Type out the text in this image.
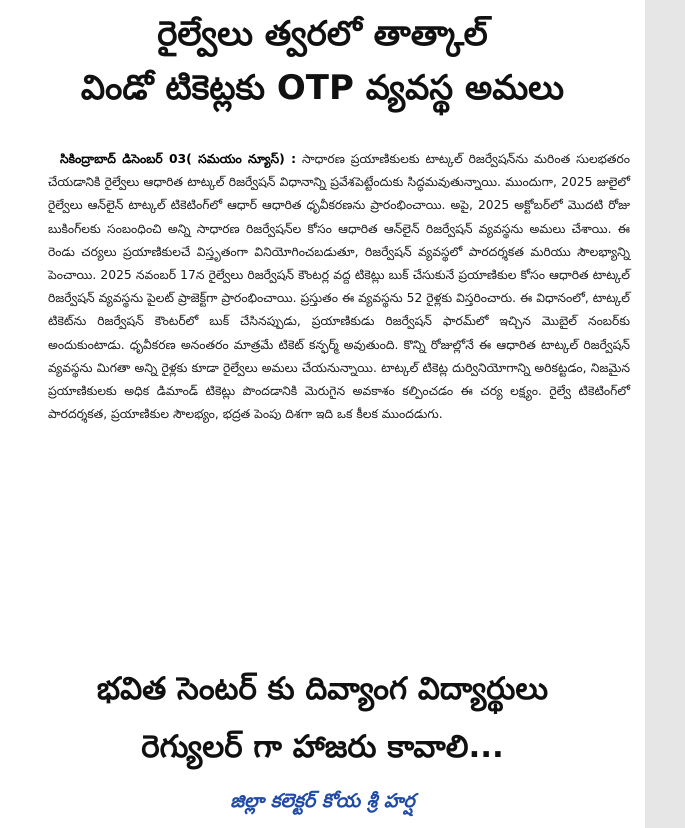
రైల్వేలు త్వరలో తాత్కాల్
విండో టికెట్లకు OTP వ్యవస్థ అమలు

సికింద్రాబాద్ డిసెంబర్ 03( సమయం న్యూస్) : సాధారణ ప్రయాణికులకు టాట్కల్ రిజర్వేషన్‌ను మరింత సులభతరం చేయడానికి రైల్వేలు ఆధారిత టాట్కల్ రిజర్వేషన్ విధానాన్ని ప్రవేశపెట్టేందుకు సిద్ధమవుతున్నాయి. ముందుగా, 2025 జులైలో రైల్వేలు ఆన్‌లైన్ టాట్కల్ టికెటింగ్‌లో ఆధార్ ఆధారిత ధృవీకరణను ప్రారంభించాయి. అపై, 2025 అక్టోబర్‌లో మొదటి రోజు బుకింగ్‌లకు సంబంధించి అన్ని సాధారణ రిజర్వేషన్‌ల కోసం ఆధారిత ఆన్‌లైన్ రిజర్వేషన్ వ్యవస్థను అమలు చేశాయి. ఈ రెండు చర్యలు ప్రయాణికులచే విస్తృతంగా వినియోగించబడుతూ, రిజర్వేషన్ వ్యవస్థలో పారదర్శకత మరియు సౌలభ్యాన్ని పెంచాయి. 2025 నవంబర్ 17న రైల్వేలు రిజర్వేషన్ కౌంటర్ల వద్ద టికెట్లు బుక్ చేసుకునే ప్రయాణికుల కోసం ఆధారిత టాట్కల్ రిజర్వేషన్ వ్యవస్థను పైలట్ ప్రాజెక్ట్‌గా ప్రారంభించాయి. ప్రస్తుతం ఈ వ్యవస్థను 52 రైళ్లకు విస్తరించారు. ఈ విధానంలో, టాట్కల్ టికెట్‌ను రిజర్వేషన్ కౌంటర్‌లో బుక్ చేసినప్పుడు, ప్రయాణికుడు రిజర్వేషన్ ఫారమ్‌లో ఇచ్చిన మొబైల్ నంబర్‌కు అందుకుంటాడు. ధృవీకరణ అనంతరం మాత్రమే టికెట్ కన్ఫర్మ్ అవుతుంది. కొన్ని రోజుల్లోనే ఈ ఆధారిత టాట్కల్ రిజర్వేషన్ వ్యవస్థను మిగతా అన్ని రైళ్లకు కూడా రైల్వేలు అమలు చేయనున్నాయి. టాట్కల్ టికెట్ల దుర్వినియోగాన్ని అరికట్టడం, నిజమైన ప్రయాణికులకు అధిక డిమాండ్ టికెట్లు పొందడానికి మెరుగైన అవకాశం కల్పించడం ఈ చర్య లక్ష్యం. రైల్వే టికెటింగ్‌లో పారదర్శకత, ప్రయాణికుల సౌలభ్యం, భద్రత పెంపు దిశగా ఇది ఒక కీలక ముందడుగు.

భవిత సెంటర్ కు దివ్యాంగ విద్యార్థులు
రెగ్యులర్ గా హాజరు కావాలి...
జిల్లా కలెక్టర్ కోయ శ్రీ హర్ష
